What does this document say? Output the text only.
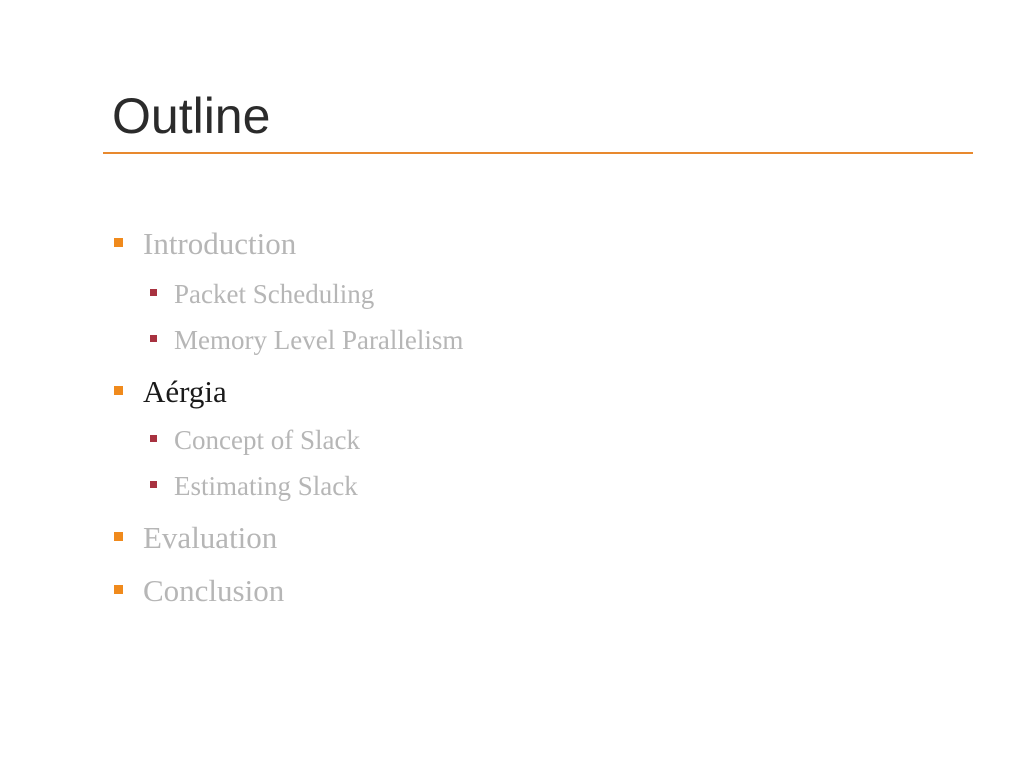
Outline
Introduction
Packet Scheduling
Memory Level Parallelism
Aérgia
Concept of Slack
Estimating Slack
Evaluation
Conclusion
